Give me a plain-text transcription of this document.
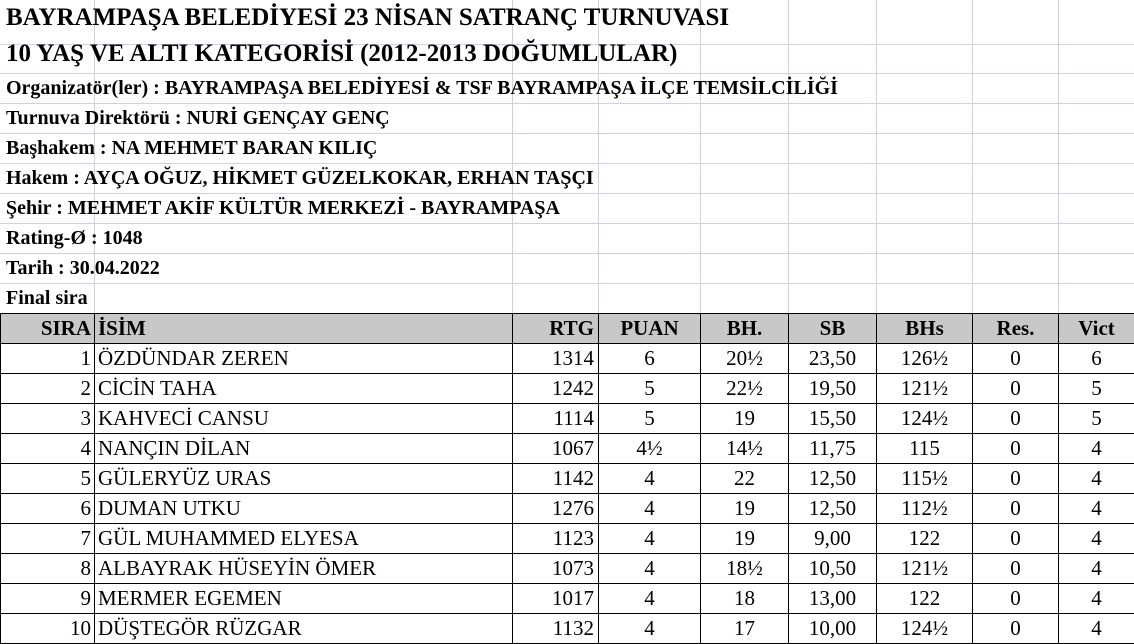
BAYRAMPAŞA BELEDİYESİ 23 NİSAN SATRANÇ TURNUVASI
10 YAŞ VE ALTI KATEGORİSİ (2012-2013 DOĞUMLULAR)
Organizatör(ler) : BAYRAMPAŞA BELEDİYESİ & TSF BAYRAMPAŞA İLÇE TEMSİLCİLİĞİ
Turnuva Direktörü : NURİ GENÇAY GENÇ
Başhakem : NA MEHMET BARAN KILIÇ
Hakem : AYÇA OĞUZ, HİKMET GÜZELKOKAR, ERHAN TAŞÇI
Şehir : MEHMET AKİF KÜLTÜR MERKEZİ - BAYRAMPAŞA
Rating-Ø : 1048
Tarih : 30.04.2022
Final sira
SIRA	İSİM	RTG	PUAN	BH.	SB	BHs	Res.	Vict
1	ÖZDÜNDAR ZEREN	1314	6	20½	23,50	126½	0	6
2	CİCİN TAHA	1242	5	22½	19,50	121½	0	5
3	KAHVECİ CANSU	1114	5	19	15,50	124½	0	5
4	NANÇIN DİLAN	1067	4½	14½	11,75	115	0	4
5	GÜLERYÜZ URAS	1142	4	22	12,50	115½	0	4
6	DUMAN UTKU	1276	4	19	12,50	112½	0	4
7	GÜL MUHAMMED ELYESA	1123	4	19	9,00	122	0	4
8	ALBAYRAK HÜSEYİN ÖMER	1073	4	18½	10,50	121½	0	4
9	MERMER EGEMEN	1017	4	18	13,00	122	0	4
10	DÜŞTEGÖR RÜZGAR	1132	4	17	10,00	124½	0	4
